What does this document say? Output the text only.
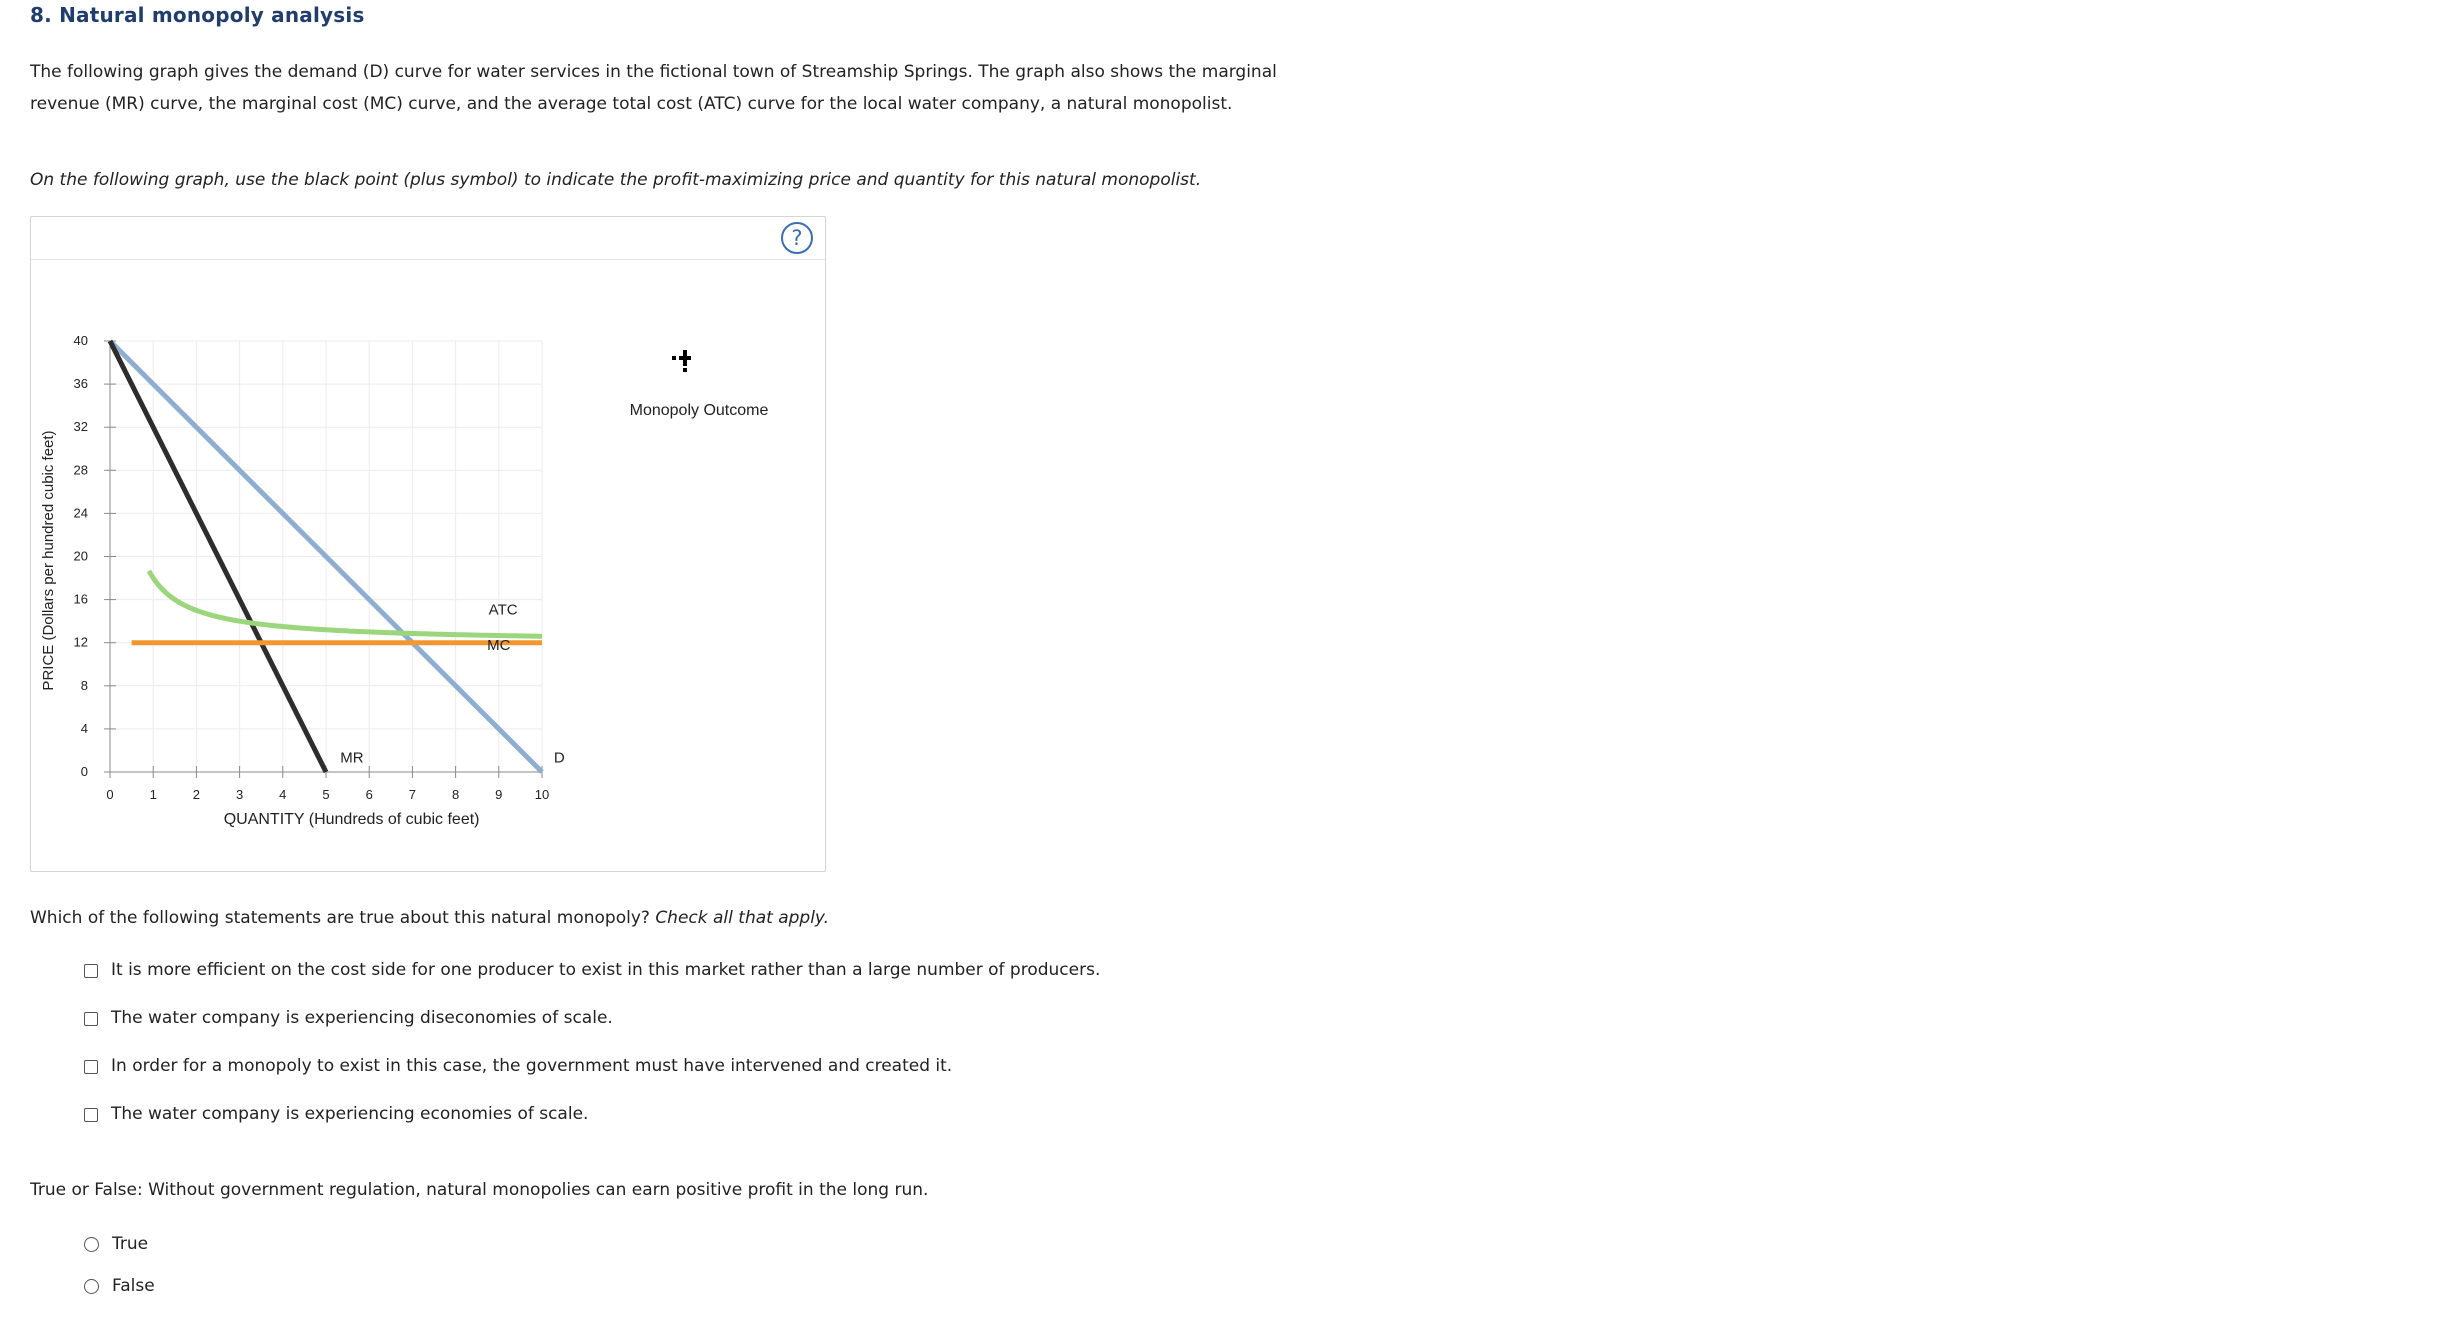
8. Natural monopoly analysis
The following graph gives the demand (D) curve for water services in the fictional town of Streamship Springs. The graph also shows the marginal revenue (MR) curve, the marginal cost (MC) curve, and the average total cost (ATC) curve for the local water company, a natural monopolist.
On the following graph, use the black point (plus symbol) to indicate the profit-maximizing price and quantity for this natural monopolist.
?
0	1	2	3	4	5	6	7	8	9 10
0
4
8
12
16
20
24
28
32
36
40
ATC
MC
MR	D
QUANTITY (Hundreds of cubic feet)
PRICE (Dollars per hundred cubic feet)
Monopoly Outcome
Which of the following statements are true about this natural monopoly? Check all that apply.
It is more efficient on the cost side for one producer to exist in this market rather than a large number of producers.
The water company is experiencing diseconomies of scale.
In order for a monopoly to exist in this case, the government must have intervened and created it.
The water company is experiencing economies of scale.
True or False: Without government regulation, natural monopolies can earn positive profit in the long run.
True
False
